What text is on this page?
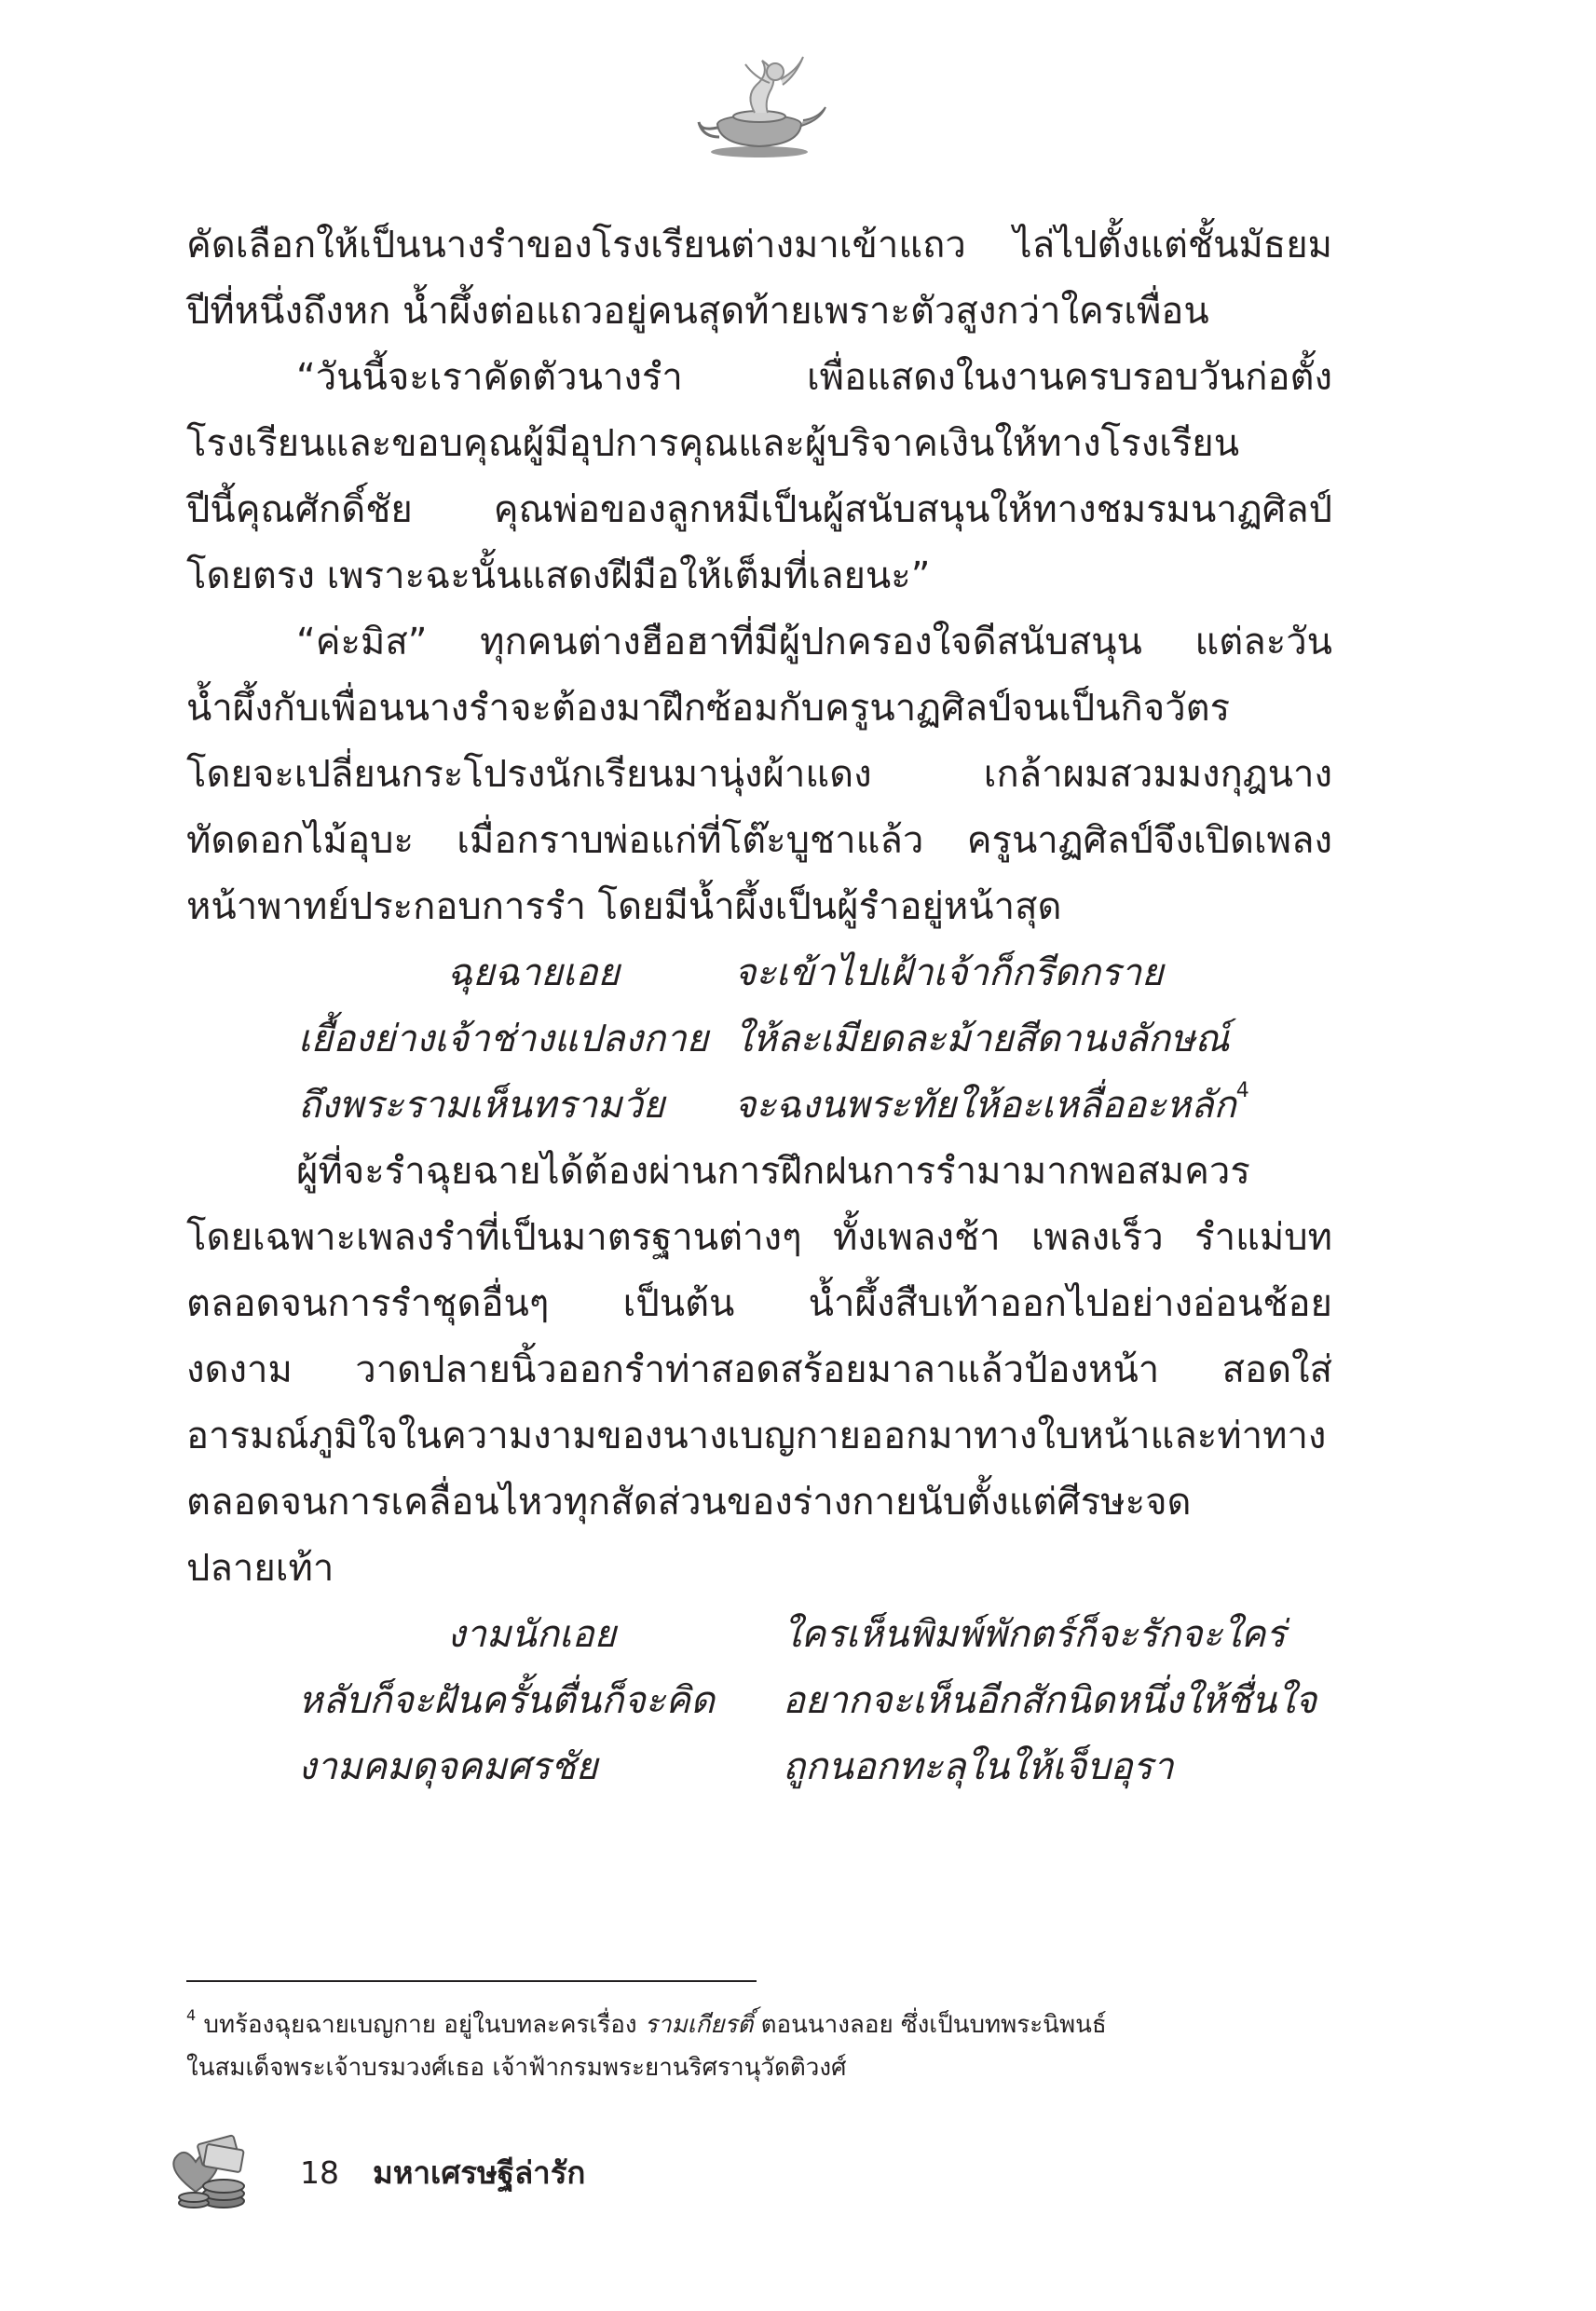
คัดเลือกให้เป็นนางรำของโรงเรียนต่างมาเข้าแถว ไล่ไปตั้งแต่ชั้นมัธยม
ปีที่หนึ่งถึงหก น้ำผึ้งต่อแถวอยู่คนสุดท้ายเพราะตัวสูงกว่าใครเพื่อน
“วันนี้จะเราคัดตัวนางรำ เพื่อแสดงในงานครบรอบวันก่อตั้ง
โรงเรียนและขอบคุณผู้มีอุปการคุณและผู้บริจาคเงินให้ทางโรงเรียน
ปีนี้คุณศักดิ์ชัย คุณพ่อของลูกหมีเป็นผู้สนับสนุนให้ทางชมรมนาฏศิลป์
โดยตรง เพราะฉะนั้นแสดงฝีมือให้เต็มที่เลยนะ”
“ค่ะมิส” ทุกคนต่างฮือฮาที่มีผู้ปกครองใจดีสนับสนุน แต่ละวัน
น้ำผึ้งกับเพื่อนนางรำจะต้องมาฝึกซ้อมกับครูนาฏศิลป์จนเป็นกิจวัตร
โดยจะเปลี่ยนกระโปรงนักเรียนมานุ่งผ้าแดง เกล้าผมสวมมงกุฎนาง
ทัดดอกไม้อุบะ เมื่อกราบพ่อแก่ที่โต๊ะบูชาแล้ว ครูนาฏศิลป์จึงเปิดเพลง
หน้าพาทย์ประกอบการรำ โดยมีน้ำผึ้งเป็นผู้รำอยู่หน้าสุด
ฉุยฉายเอย	จะเข้าไปเฝ้าเจ้าก็กรีดกราย
เยื้องย่างเจ้าช่างแปลงกาย ให้ละเมียดละม้ายสีดานงลักษณ์
ถึงพระรามเห็นทรามวัย จะฉงนพระทัยให้อะเหลื่ออะหลัก$^4$
ผู้ที่จะรำฉุยฉายได้ต้องผ่านการฝึกฝนการรำมามากพอสมควร
โดยเฉพาะเพลงรำที่เป็นมาตรฐานต่างๆ ทั้งเพลงช้า เพลงเร็ว รำแม่บท
ตลอดจนการรำชุดอื่นๆ เป็นต้น น้ำผึ้งสืบเท้าออกไปอย่างอ่อนช้อย
งดงาม วาดปลายนิ้วออกรำท่าสอดสร้อยมาลาแล้วป้องหน้า สอดใส่
อารมณ์ภูมิใจในความงามของนางเบญกายออกมาทางใบหน้าและท่าทาง
ตลอดจนการเคลื่อนไหวทุกสัดส่วนของร่างกายนับตั้งแต่ศีรษะจด
ปลายเท้า
งามนักเอย	ใครเห็นพิมพ์พักตร์ก็จะรักจะใคร่
หลับก็จะฝันครั้นตื่นก็จะคิด อยากจะเห็นอีกสักนิดหนึ่งให้ชื่นใจ
งามคมดุจคมศรชัย	ถูกนอกทะลุในให้เจ็บอุรา
$^4$ บทร้องฉุยฉายเบญกาย อยู่ในบทละครเรื่อง รามเกียรติ์ ตอนนางลอย ซึ่งเป็นบทพระนิพนธ์
ในสมเด็จพระเจ้าบรมวงศ์เธอ เจ้าฟ้ากรมพระยานริศรานุวัดติวงศ์
18 มหาเศรษฐีล่ารัก
